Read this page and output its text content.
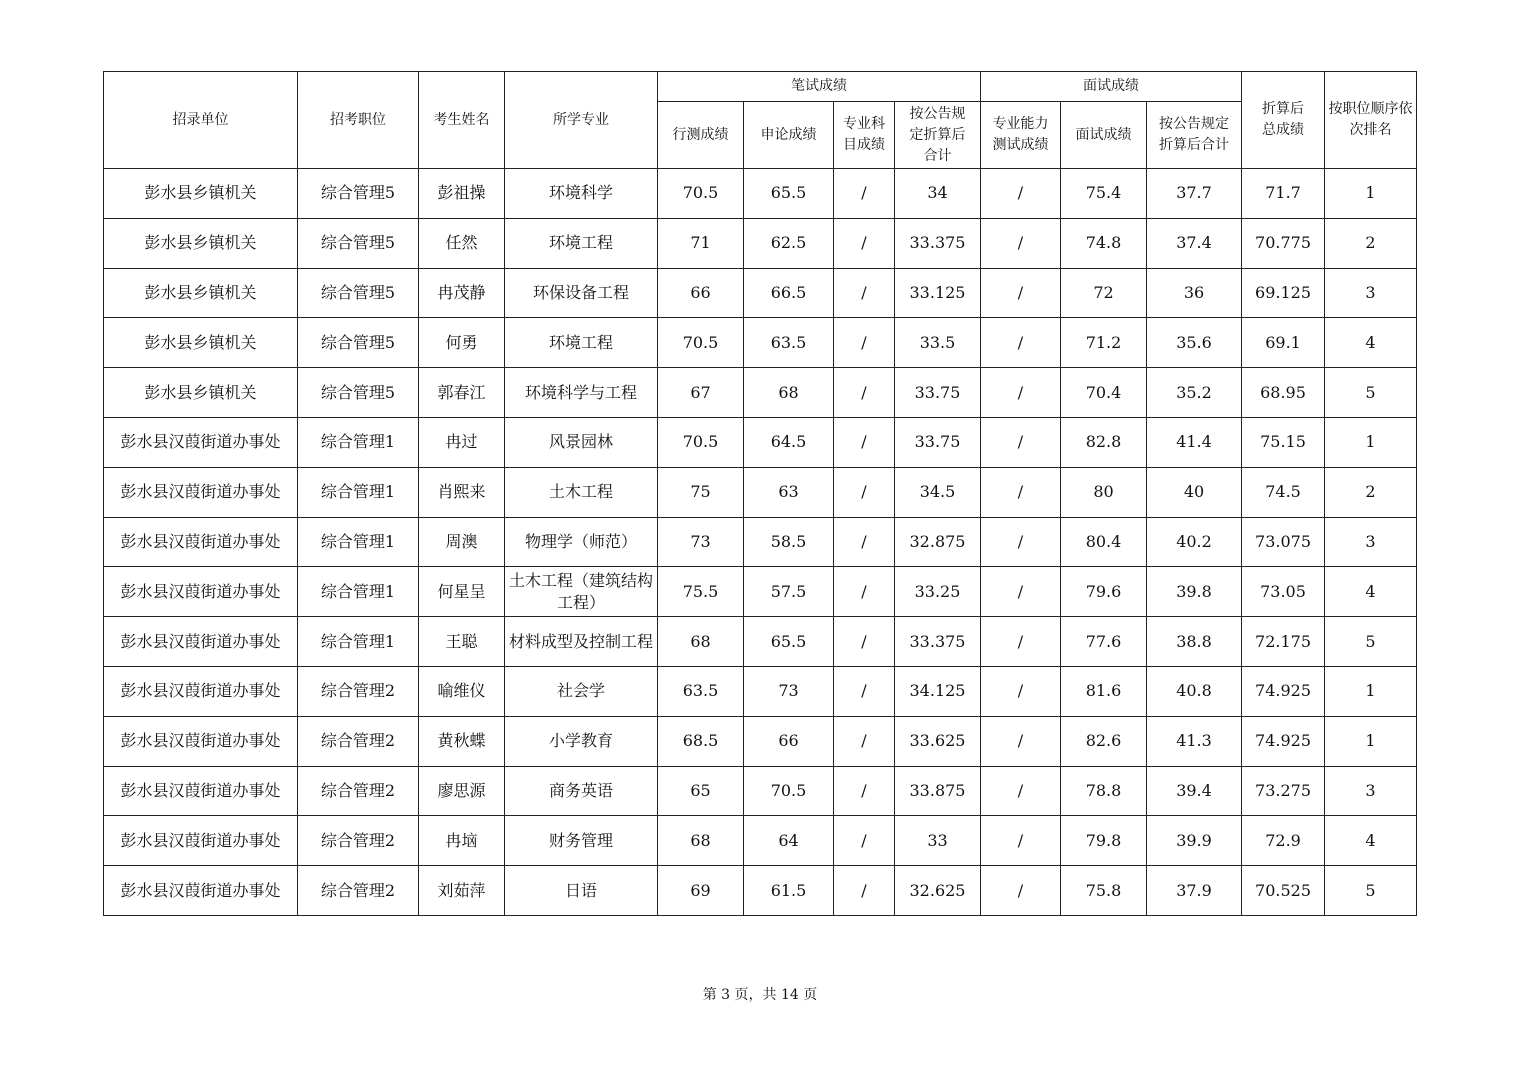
招录单位	招考职位	考生姓名	所学专业	笔试成绩				面试成绩			折算后总成绩	按职位顺序依次排名
				行测成绩	申论成绩	专业科目成绩	按公告规定折算后合计	专业能力测试成绩	面试成绩	按公告规定折算后合计		
彭水县乡镇机关	综合管理5	彭祖操	环境科学	70.5	65.5	/	34	/	75.4	37.7	71.7	1
彭水县乡镇机关	综合管理5	任然	环境工程	71	62.5	/	33.375	/	74.8	37.4	70.775	2
彭水县乡镇机关	综合管理5	冉茂静	环保设备工程	66	66.5	/	33.125	/	72	36	69.125	3
彭水县乡镇机关	综合管理5	何勇	环境工程	70.5	63.5	/	33.5	/	71.2	35.6	69.1	4
彭水县乡镇机关	综合管理5	郭春江	环境科学与工程	67	68	/	33.75	/	70.4	35.2	68.95	5
彭水县汉葭街道办事处	综合管理1	冉过	风景园林	70.5	64.5	/	33.75	/	82.8	41.4	75.15	1
彭水县汉葭街道办事处	综合管理1	肖熙来	土木工程	75	63	/	34.5	/	80	40	74.5	2
彭水县汉葭街道办事处	综合管理1	周澳	物理学（师范）	73	58.5	/	32.875	/	80.4	40.2	73.075	3
彭水县汉葭街道办事处	综合管理1	何星呈	土木工程（建筑结构工程）	75.5	57.5	/	33.25	/	79.6	39.8	73.05	4
彭水县汉葭街道办事处	综合管理1	王聪	材料成型及控制工程	68	65.5	/	33.375	/	77.6	38.8	72.175	5
彭水县汉葭街道办事处	综合管理2	喻维仪	社会学	63.5	73	/	34.125	/	81.6	40.8	74.925	1
彭水县汉葭街道办事处	综合管理2	黄秋蝶	小学教育	68.5	66	/	33.625	/	82.6	41.3	74.925	1
彭水县汉葭街道办事处	综合管理2	廖思源	商务英语	65	70.5	/	33.875	/	78.8	39.4	73.275	3
彭水县汉葭街道办事处	综合管理2	冉垴	财务管理	68	64	/	33	/	79.8	39.9	72.9	4
彭水县汉葭街道办事处	综合管理2	刘茹萍	日语	69	61.5	/	32.625	/	75.8	37.9	70.525	5
第 3 页，共 14 页
